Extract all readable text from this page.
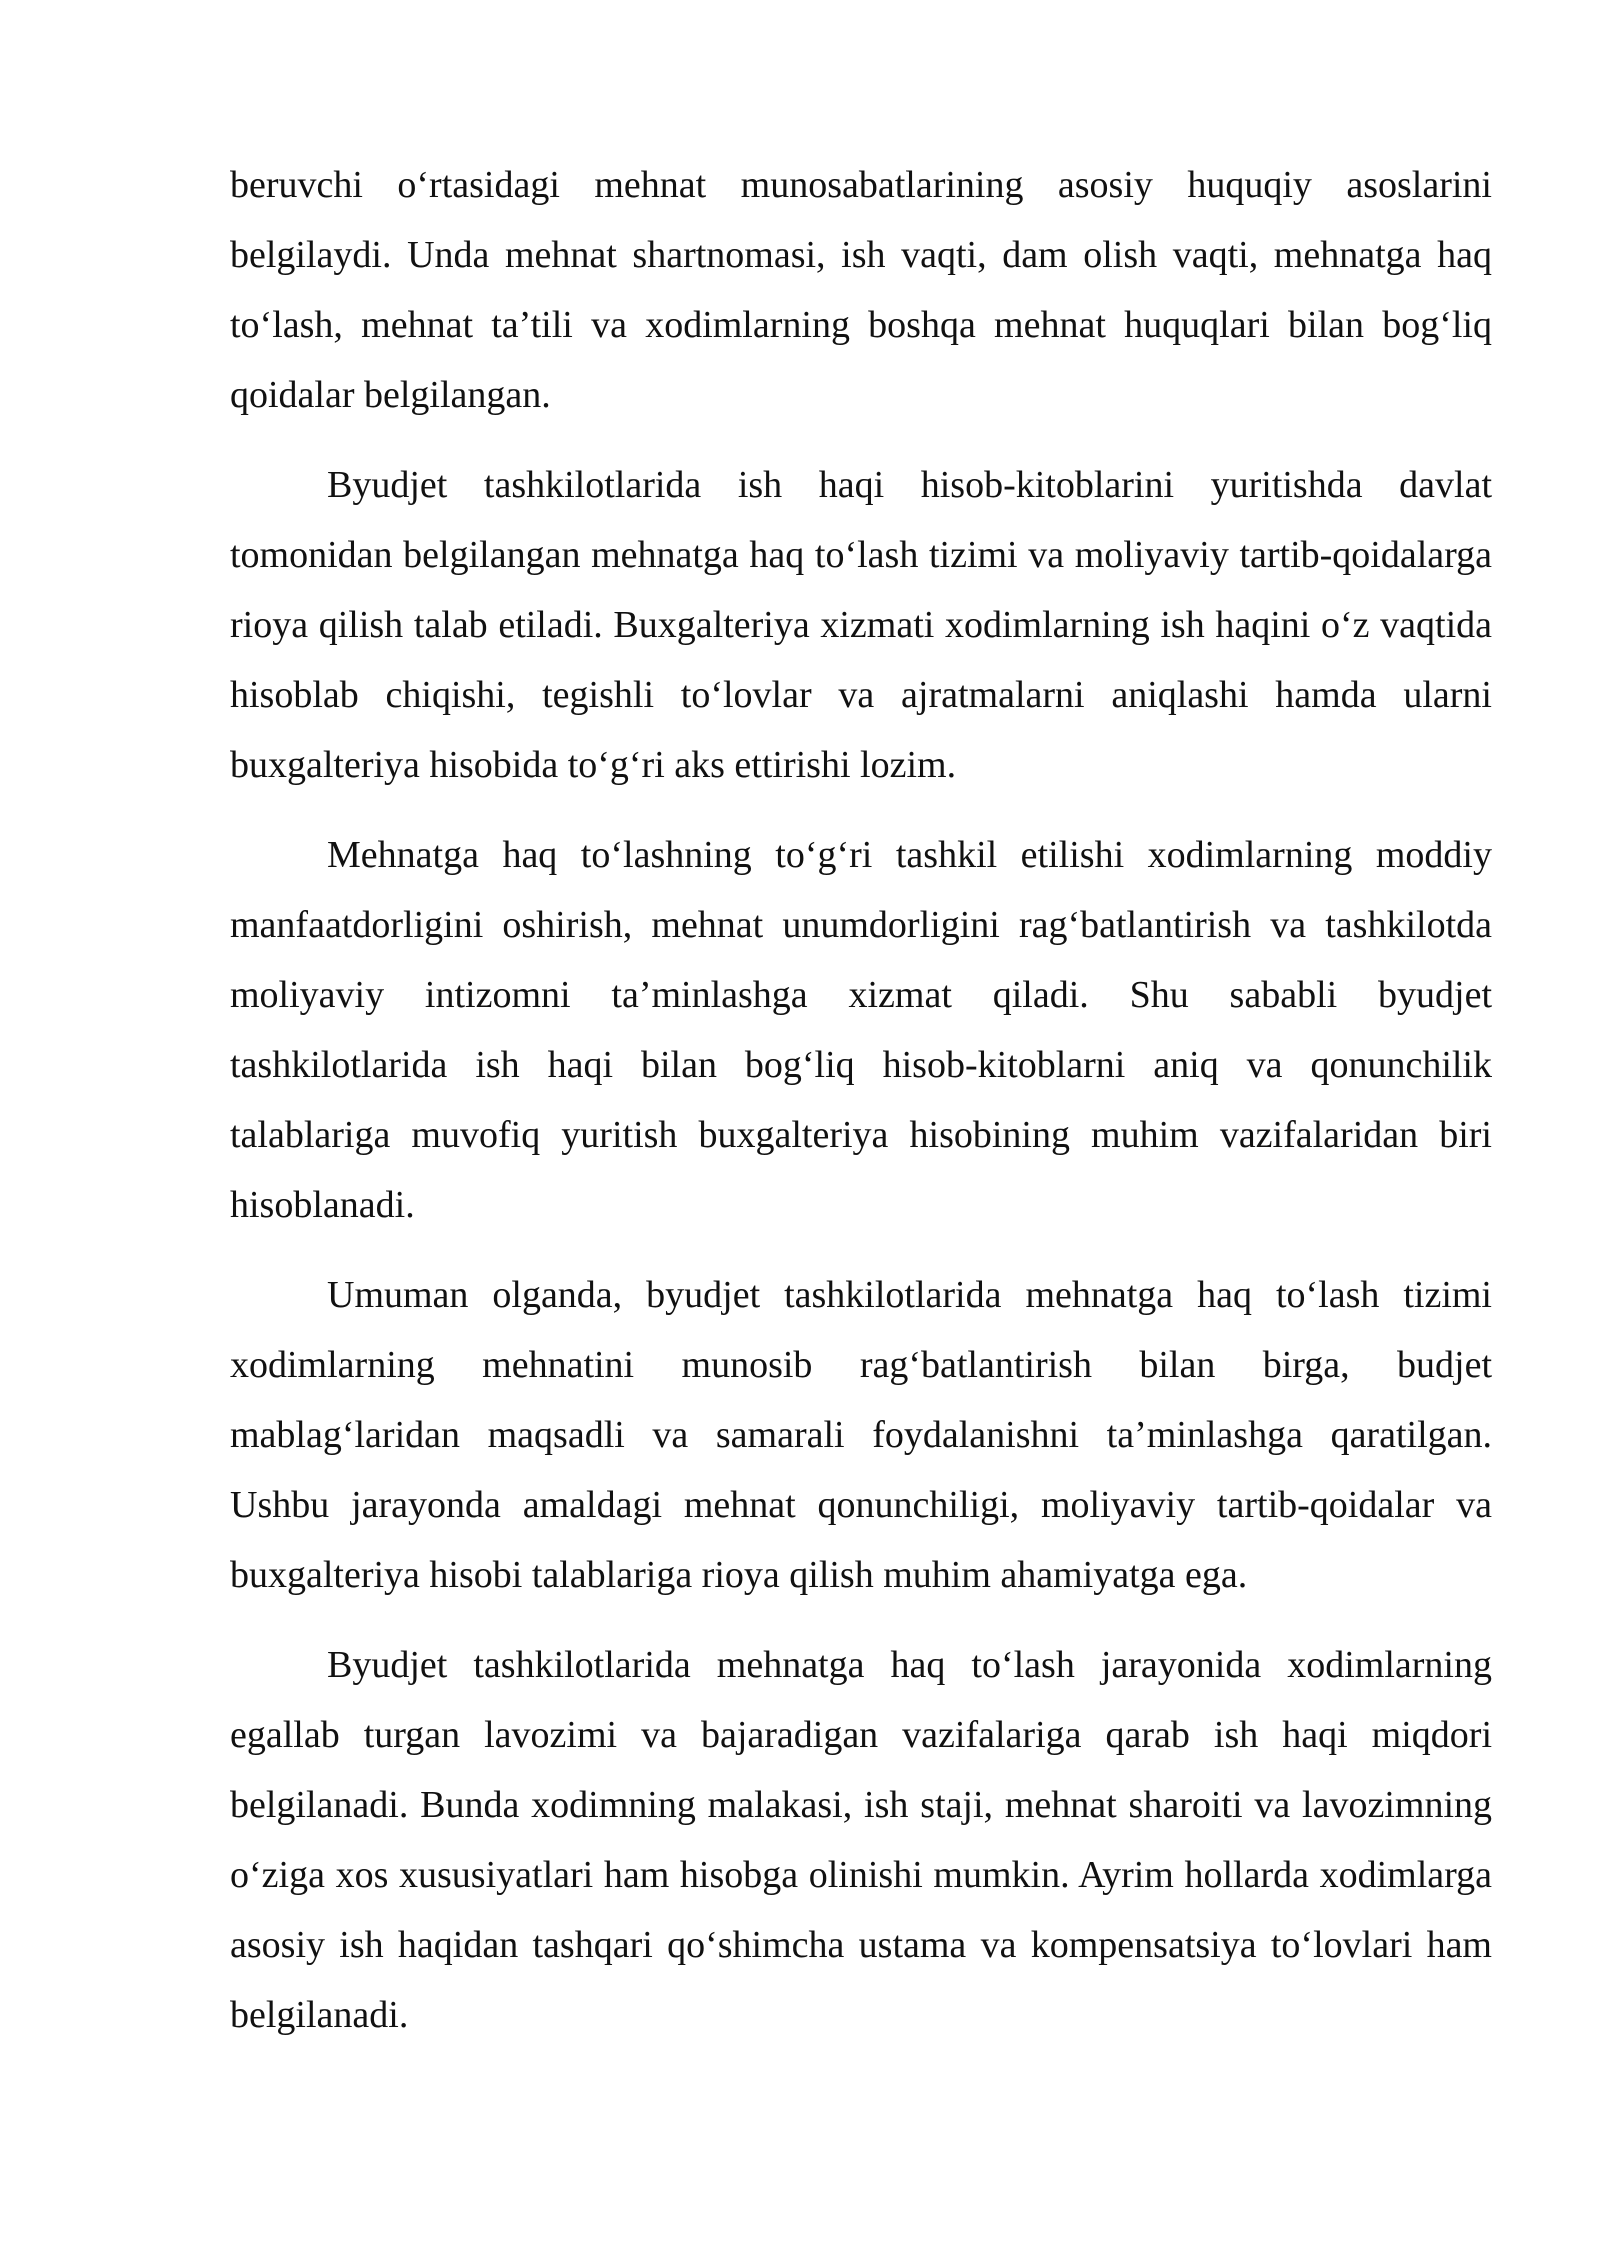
beruvchi o‘rtasidagi mehnat munosabatlarining asosiy huquqiy asoslarini belgilaydi. Unda mehnat shartnomasi, ish vaqti, dam olish vaqti, mehnatga haq to‘lash, mehnat ta’tili va xodimlarning boshqa mehnat huquqlari bilan bog‘liq qoidalar belgilangan.

Byudjet tashkilotlarida ish haqi hisob-kitoblarini yuritishda davlat tomonidan belgilangan mehnatga haq to‘lash tizimi va moliyaviy tartib-qoidalarga rioya qilish talab etiladi. Buxgalteriya xizmati xodimlarning ish haqini o‘z vaqtida hisoblab chiqishi, tegishli to‘lovlar va ajratmalarni aniqlashi hamda ularni buxgalteriya hisobida to‘g‘ri aks ettirishi lozim.

Mehnatga haq to‘lashning to‘g‘ri tashkil etilishi xodimlarning moddiy manfaatdorligini oshirish, mehnat unumdorligini rag‘batlantirish va tashkilotda moliyaviy intizomni ta’minlashga xizmat qiladi. Shu sababli byudjet tashkilotlarida ish haqi bilan bog‘liq hisob-kitoblarni aniq va qonunchilik talablariga muvofiq yuritish buxgalteriya hisobining muhim vazifalaridan biri hisoblanadi.

Umuman olganda, byudjet tashkilotlarida mehnatga haq to‘lash tizimi xodimlarning mehnatini munosib rag‘batlantirish bilan birga, budjet mablag‘laridan maqsadli va samarali foydalanishni ta’minlashga qaratilgan. Ushbu jarayonda amaldagi mehnat qonunchiligi, moliyaviy tartib-qoidalar va buxgalteriya hisobi talablariga rioya qilish muhim ahamiyatga ega.

Byudjet tashkilotlarida mehnatga haq to‘lash jarayonida xodimlarning egallab turgan lavozimi va bajaradigan vazifalariga qarab ish haqi miqdori belgilanadi. Bunda xodimning malakasi, ish staji, mehnat sharoiti va lavozimning o‘ziga xos xususiyatlari ham hisobga olinishi mumkin. Ayrim hollarda xodimlarga asosiy ish haqidan tashqari qo‘shimcha ustama va kompensatsiya to‘lovlari ham belgilanadi.
